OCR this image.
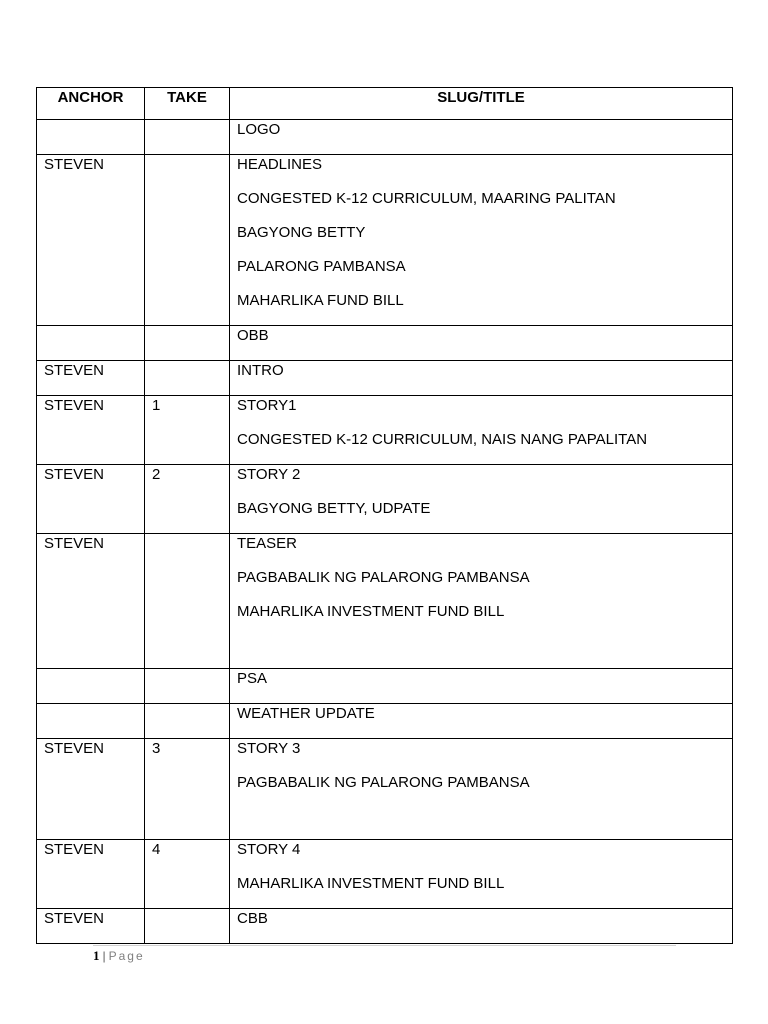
ANCHOR	TAKE	SLUG/TITLE

		LOGO

STEVEN		HEADLINES
CONGESTED K-12 CURRICULUM, MAARING PALITAN
BAGYONG BETTY
PALARONG PAMBANSA
MAHARLIKA FUND BILL

		OBB

STEVEN		INTRO

STEVEN	1	STORY1
CONGESTED K-12 CURRICULUM, NAIS NANG PAPALITAN

STEVEN	2	STORY 2
BAGYONG BETTY, UDPATE

STEVEN		TEASER
PAGBABALIK NG PALARONG PAMBANSA
MAHARLIKA INVESTMENT FUND BILL

		PSA

		WEATHER UPDATE

STEVEN	3	STORY 3
PAGBABALIK NG PALARONG PAMBANSA

STEVEN	4	STORY 4
MAHARLIKA INVESTMENT FUND BILL

STEVEN		CBB
1 | Page
